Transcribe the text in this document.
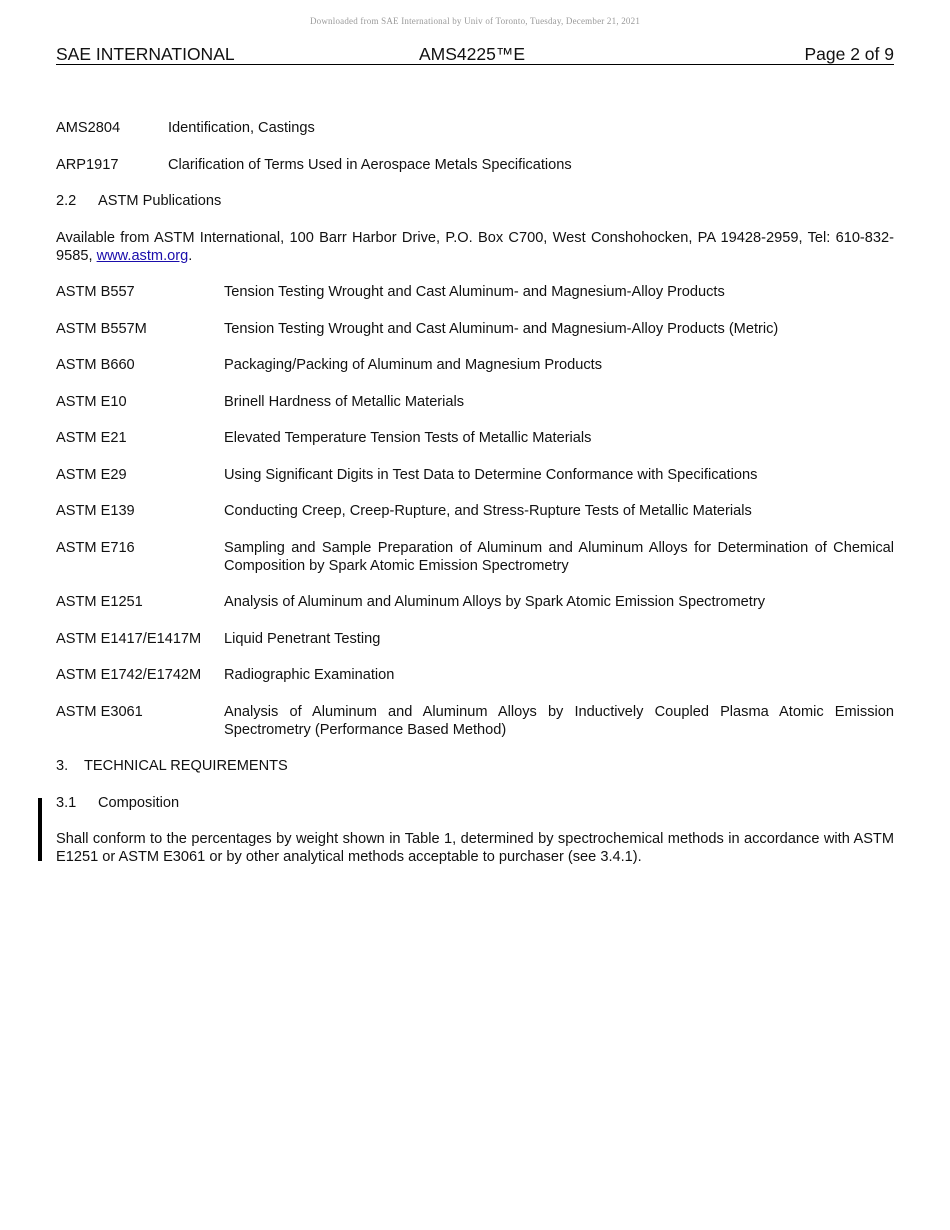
Downloaded from SAE International by Univ of Toronto, Tuesday, December 21, 2021
SAE INTERNATIONAL	AMS4225™E	Page 2 of 9
AMS2804	Identification, Castings
ARP1917	Clarification of Terms Used in Aerospace Metals Specifications
2.2 ASTM Publications
Available from ASTM International, 100 Barr Harbor Drive, P.O. Box C700, West Conshohocken, PA 19428-2959, Tel: 610-832-9585, www.astm.org.
ASTM B557	Tension Testing Wrought and Cast Aluminum- and Magnesium-Alloy Products
ASTM B557M	Tension Testing Wrought and Cast Aluminum- and Magnesium-Alloy Products (Metric)
ASTM B660	Packaging/Packing of Aluminum and Magnesium Products
ASTM E10	Brinell Hardness of Metallic Materials
ASTM E21	Elevated Temperature Tension Tests of Metallic Materials
ASTM E29	Using Significant Digits in Test Data to Determine Conformance with Specifications
ASTM E139	Conducting Creep, Creep-Rupture, and Stress-Rupture Tests of Metallic Materials
ASTM E716	Sampling and Sample Preparation of Aluminum and Aluminum Alloys for Determination of Chemical Composition by Spark Atomic Emission Spectrometry
ASTM E1251	Analysis of Aluminum and Aluminum Alloys by Spark Atomic Emission Spectrometry
ASTM E1417/E1417M	Liquid Penetrant Testing
ASTM E1742/E1742M	Radiographic Examination
ASTM E3061	Analysis of Aluminum and Aluminum Alloys by Inductively Coupled Plasma Atomic Emission Spectrometry (Performance Based Method)
3. TECHNICAL REQUIREMENTS
3.1 Composition
Shall conform to the percentages by weight shown in Table 1, determined by spectrochemical methods in accordance with ASTM E1251 or ASTM E3061 or by other analytical methods acceptable to purchaser (see 3.4.1).
